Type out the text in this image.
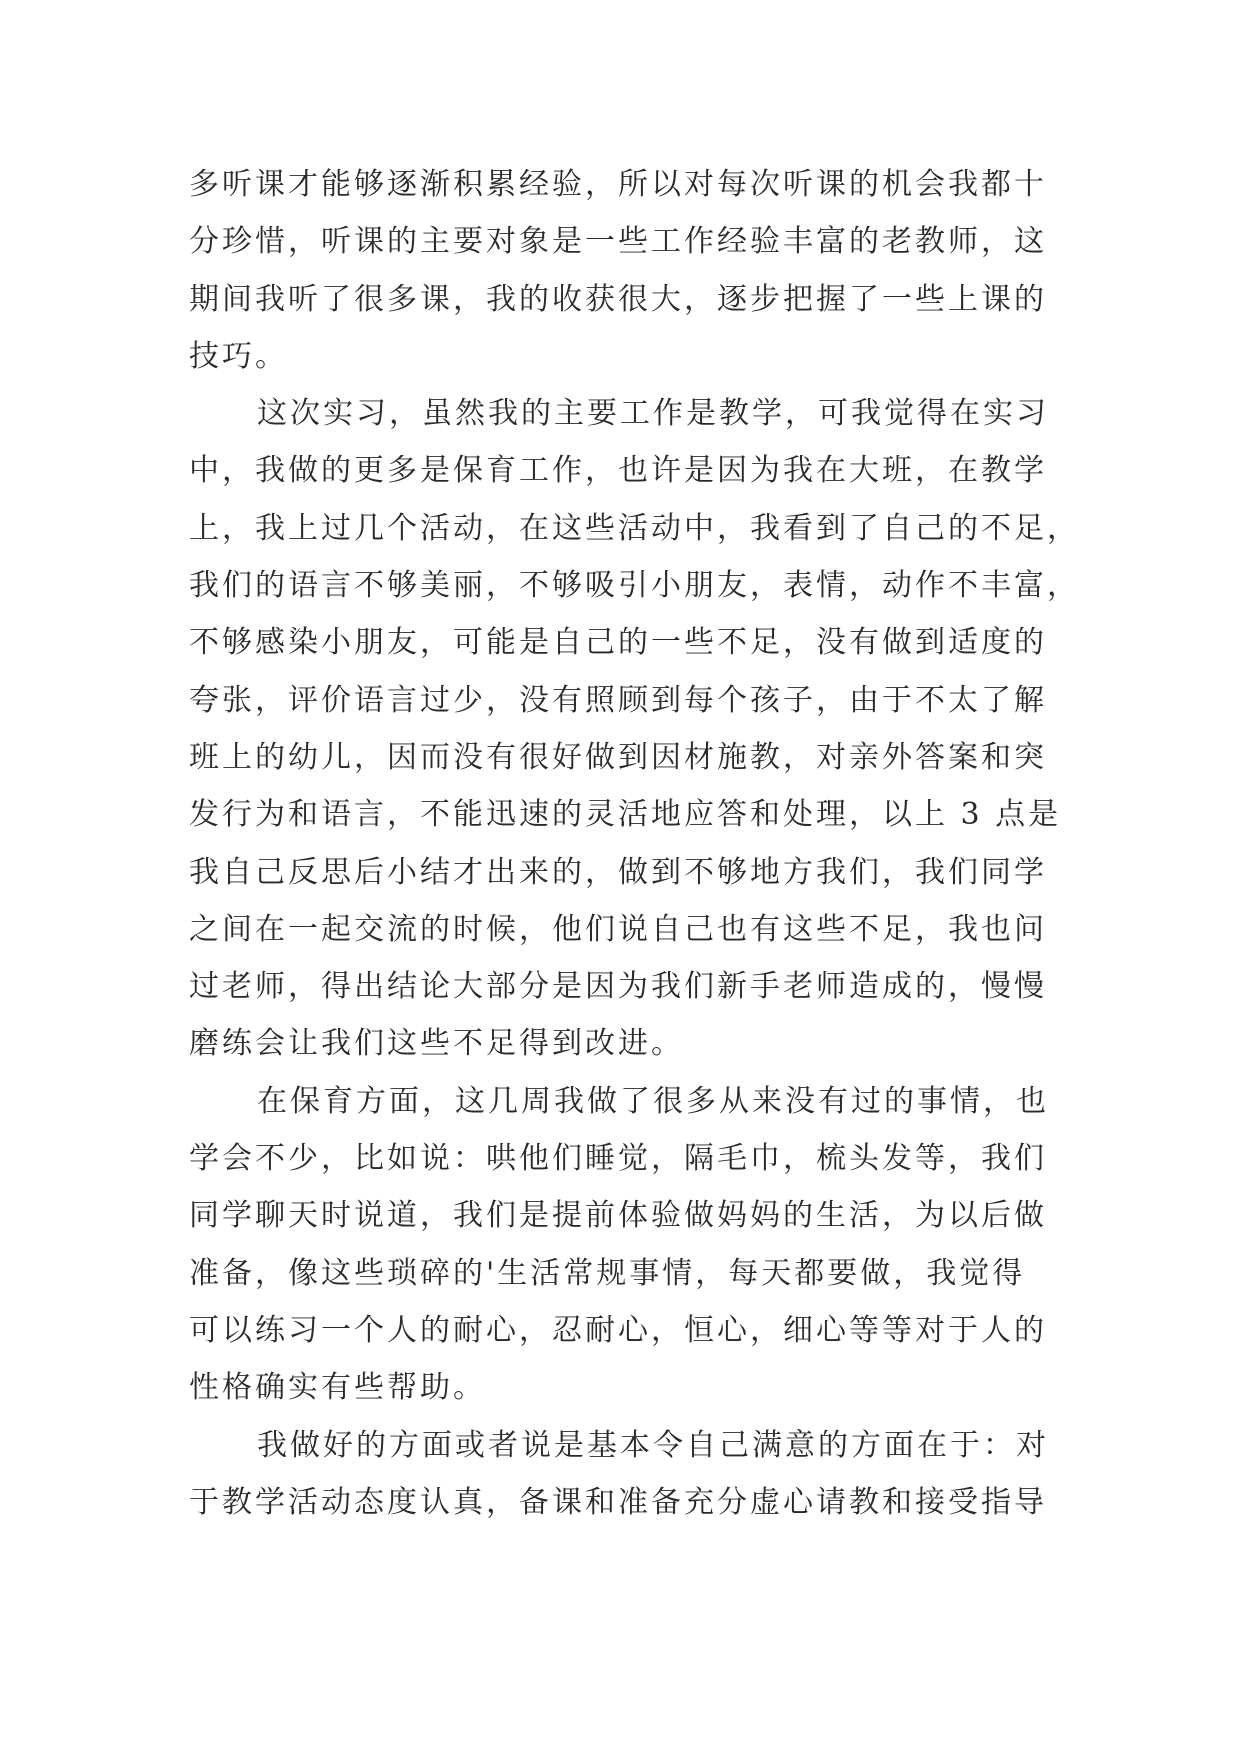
多听课才能够逐渐积累经验，所以对每次听课的机会我都十
分珍惜，听课的主要对象是一些工作经验丰富的老教师，这
期间我听了很多课，我的收获很大，逐步把握了一些上课的
技巧。
这次实习，虽然我的主要工作是教学，可我觉得在实习
中，我做的更多是保育工作，也许是因为我在大班，在教学
上，我上过几个活动，在这些活动中，我看到了自己的不足，
我们的语言不够美丽，不够吸引小朋友，表情，动作不丰富，
不够感染小朋友，可能是自己的一些不足，没有做到适度的
夸张，评价语言过少，没有照顾到每个孩子，由于不太了解
班上的幼儿，因而没有很好做到因材施教，对亲外答案和突
发行为和语言，不能迅速的灵活地应答和处理，以上 3 点是
我自己反思后小结才出来的，做到不够地方我们，我们同学
之间在一起交流的时候，他们说自己也有这些不足，我也问
过老师，得出结论大部分是因为我们新手老师造成的，慢慢
磨练会让我们这些不足得到改进。
在保育方面，这几周我做了很多从来没有过的事情，也
学会不少，比如说：哄他们睡觉，隔毛巾，梳头发等，我们
同学聊天时说道，我们是提前体验做妈妈的生活，为以后做
准备，像这些琐碎的'生活常规事情，每天都要做，我觉得
可以练习一个人的耐心，忍耐心，恒心，细心等等对于人的
性格确实有些帮助。
我做好的方面或者说是基本令自己满意的方面在于：对
于教学活动态度认真，备课和准备充分虚心请教和接受指导
